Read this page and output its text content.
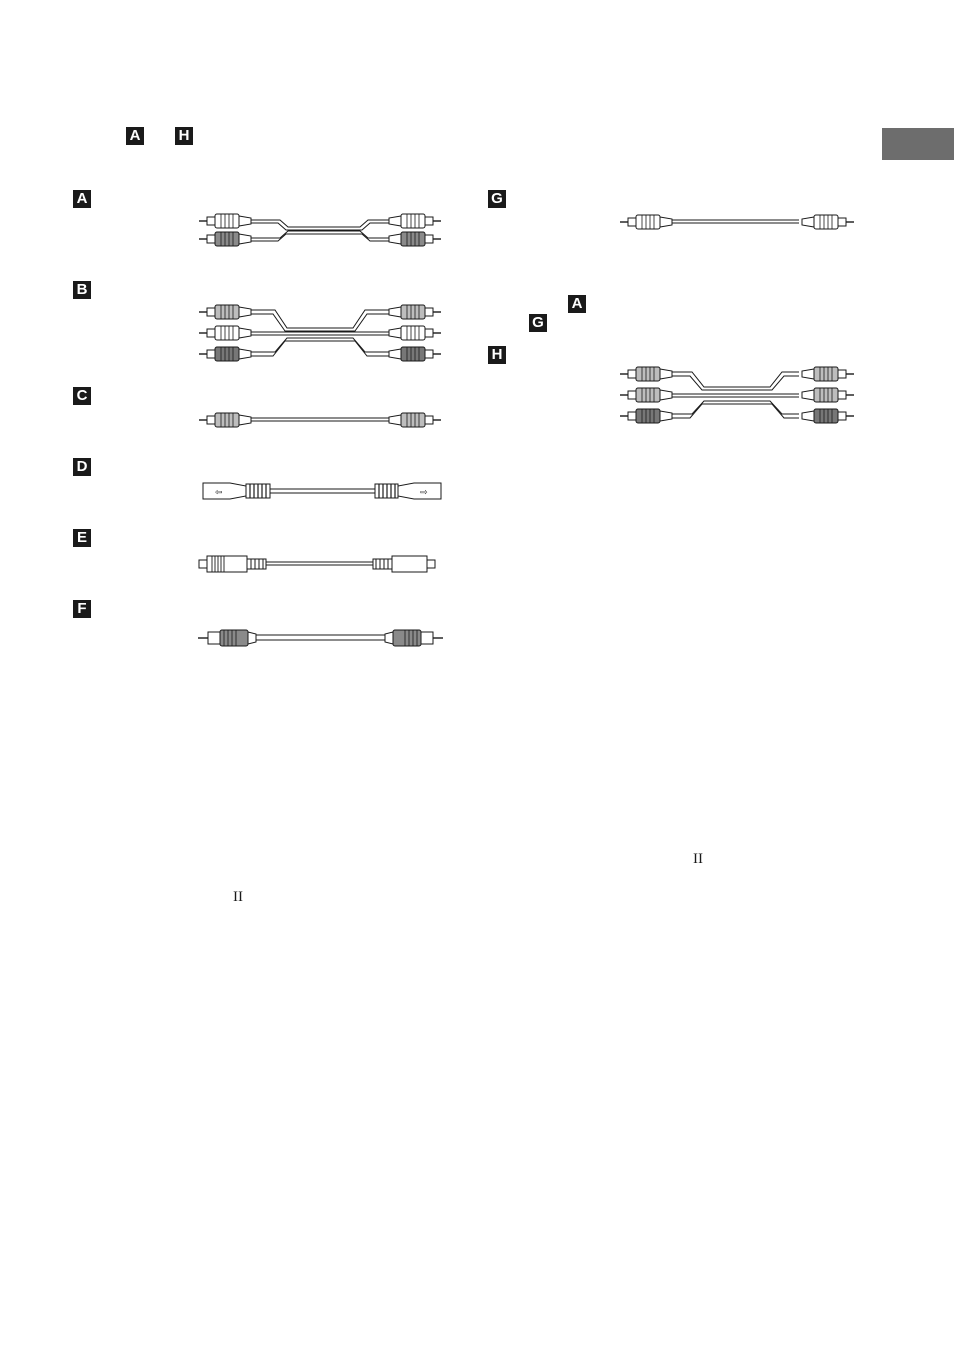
A	H
A
B
C
D
E
F
G
A
G
H
II
II
⇦	⇨
